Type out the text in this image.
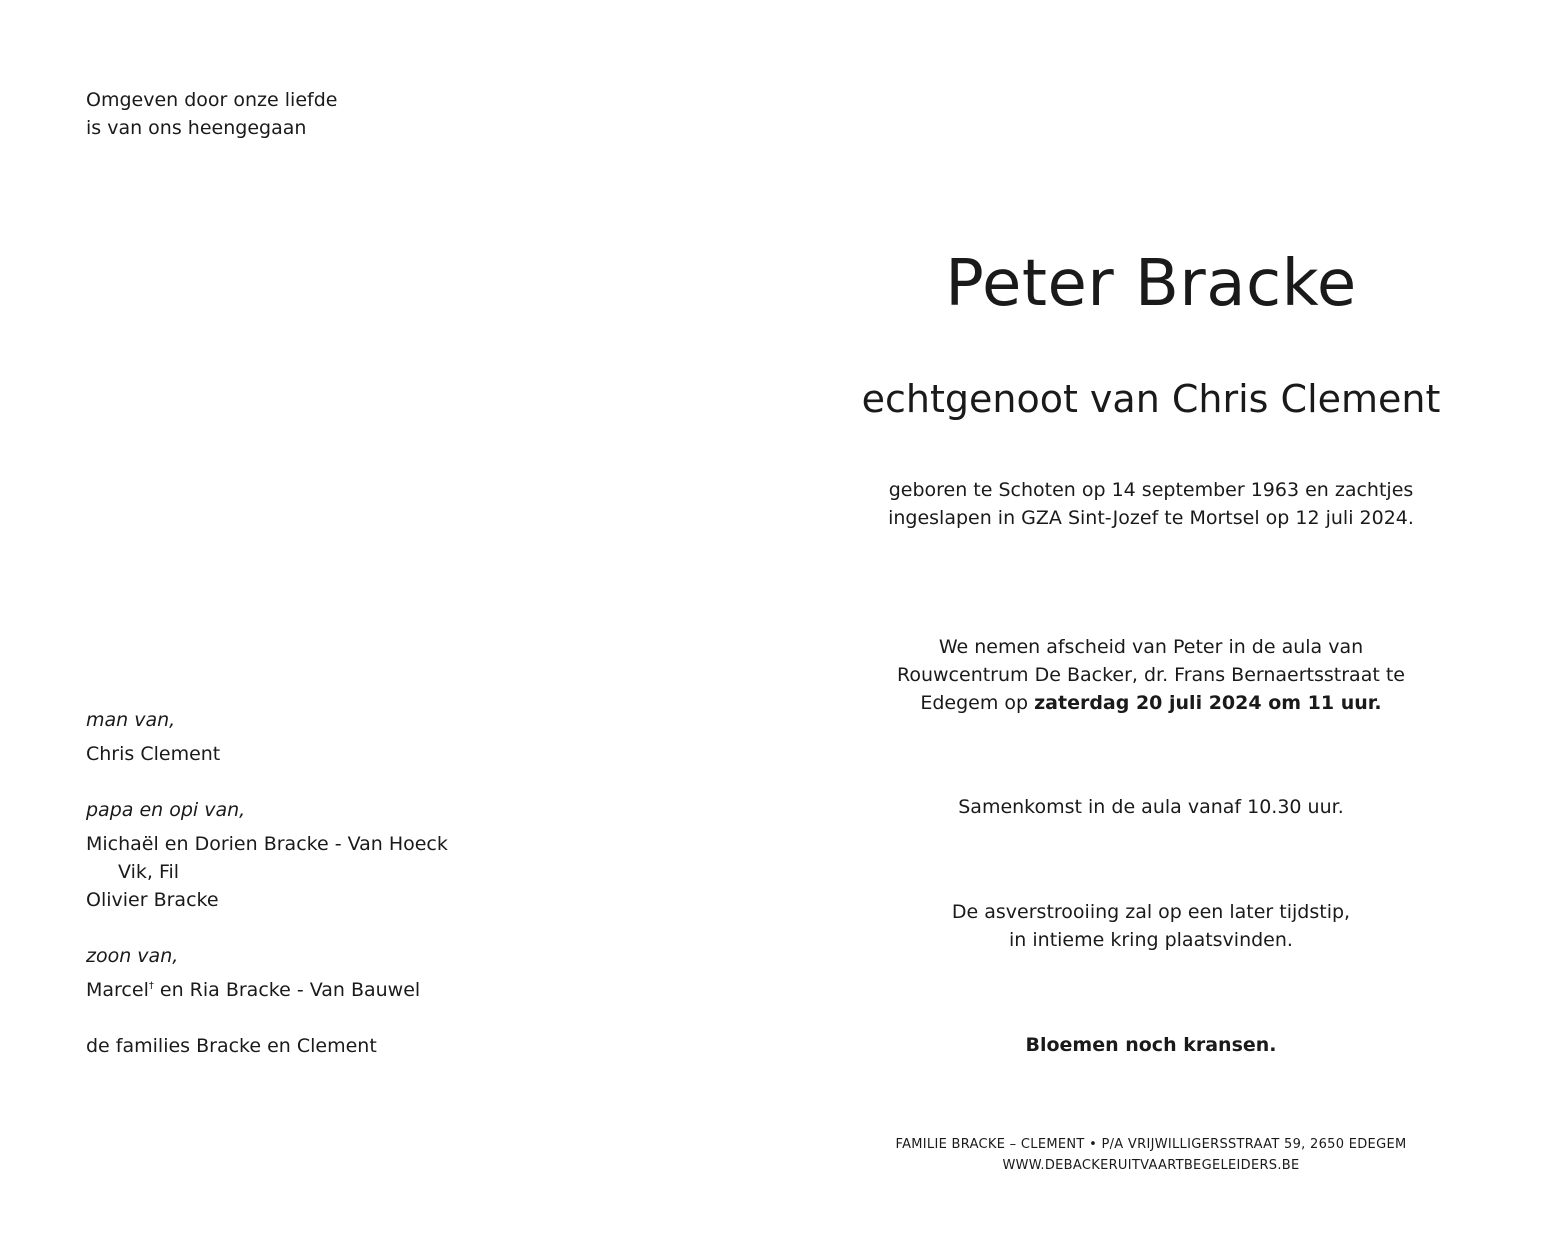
Omgeven door onze liefde
is van ons heengegaan

man van,

Chris Clement

papa en opi van,

Michaël en Dorien Bracke - Van Hoeck

Vik, Fil

Olivier Bracke

zoon van,

Marcel† en Ria Bracke - Van Bauwel

de families Bracke en Clement

Peter Bracke

echtgenoot van Chris Clement

geboren te Schoten op 14 september 1963 en zachtjes
ingeslapen in GZA Sint-Jozef te Mortsel op 12 juli 2024.

We nemen afscheid van Peter in de aula van
Rouwcentrum De Backer, dr. Frans Bernaertsstraat te
Edegem op zaterdag 20 juli 2024 om 11 uur.

Samenkomst in de aula vanaf 10.30 uur.

De asverstrooiing zal op een later tijdstip,
in intieme kring plaatsvinden.

Bloemen noch kransen.

FAMILIE BRACKE – CLEMENT • P/A VRIJWILLIGERSSTRAAT 59, 2650 EDEGEM
WWW.DEBACKERUITVAARTBEGELEIDERS.BE
